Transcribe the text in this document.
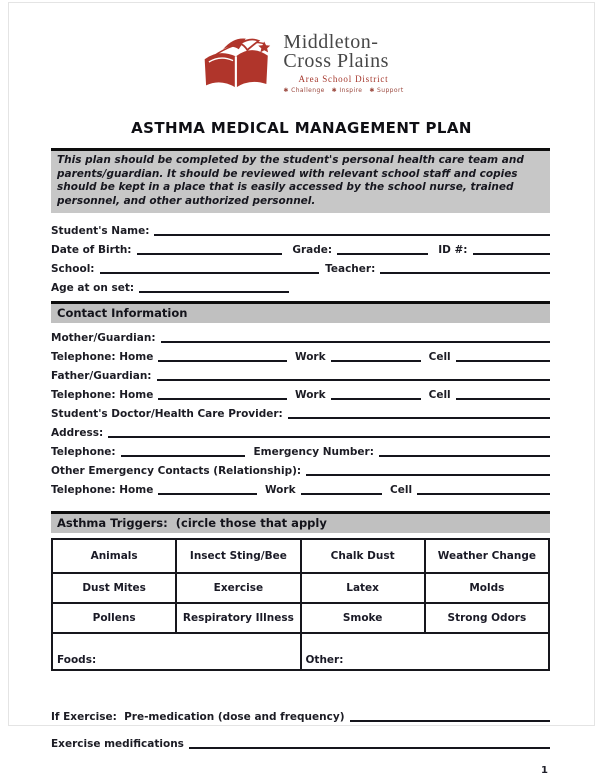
Middleton-
Cross Plains
Area School District
✱ Challenge   ✱ Inspire   ✱ Support
ASTHMA MEDICAL MANAGEMENT PLAN
This plan should be completed by the student's personal health care team and parents/guardian. It should be reviewed with relevant school staff and copies should be kept in a place that is easily accessed by the school nurse, trained personnel, and other authorized personnel.
Student's Name:
Date of Birth:	Grade:	ID #:
School:	Teacher:
Age at on set:
Contact Information
Mother/Guardian:
Telephone: Home	Work	Cell
Father/Guardian:
Telephone: Home	Work	Cell
Student's Doctor/Health Care Provider:
Address:
Telephone:	Emergency Number:
Other Emergency Contacts (Relationship):
Telephone: Home	Work	Cell
Asthma Triggers:  (circle those that apply
Animals	Insect Sting/Bee	Chalk Dust	Weather Change
Dust Mites	Exercise	Latex	Molds
Pollens	Respiratory Illness	Smoke	Strong Odors
Foods:		Other:	
If Exercise:  Pre-medication (dose and frequency)
Exercise medifications
1
